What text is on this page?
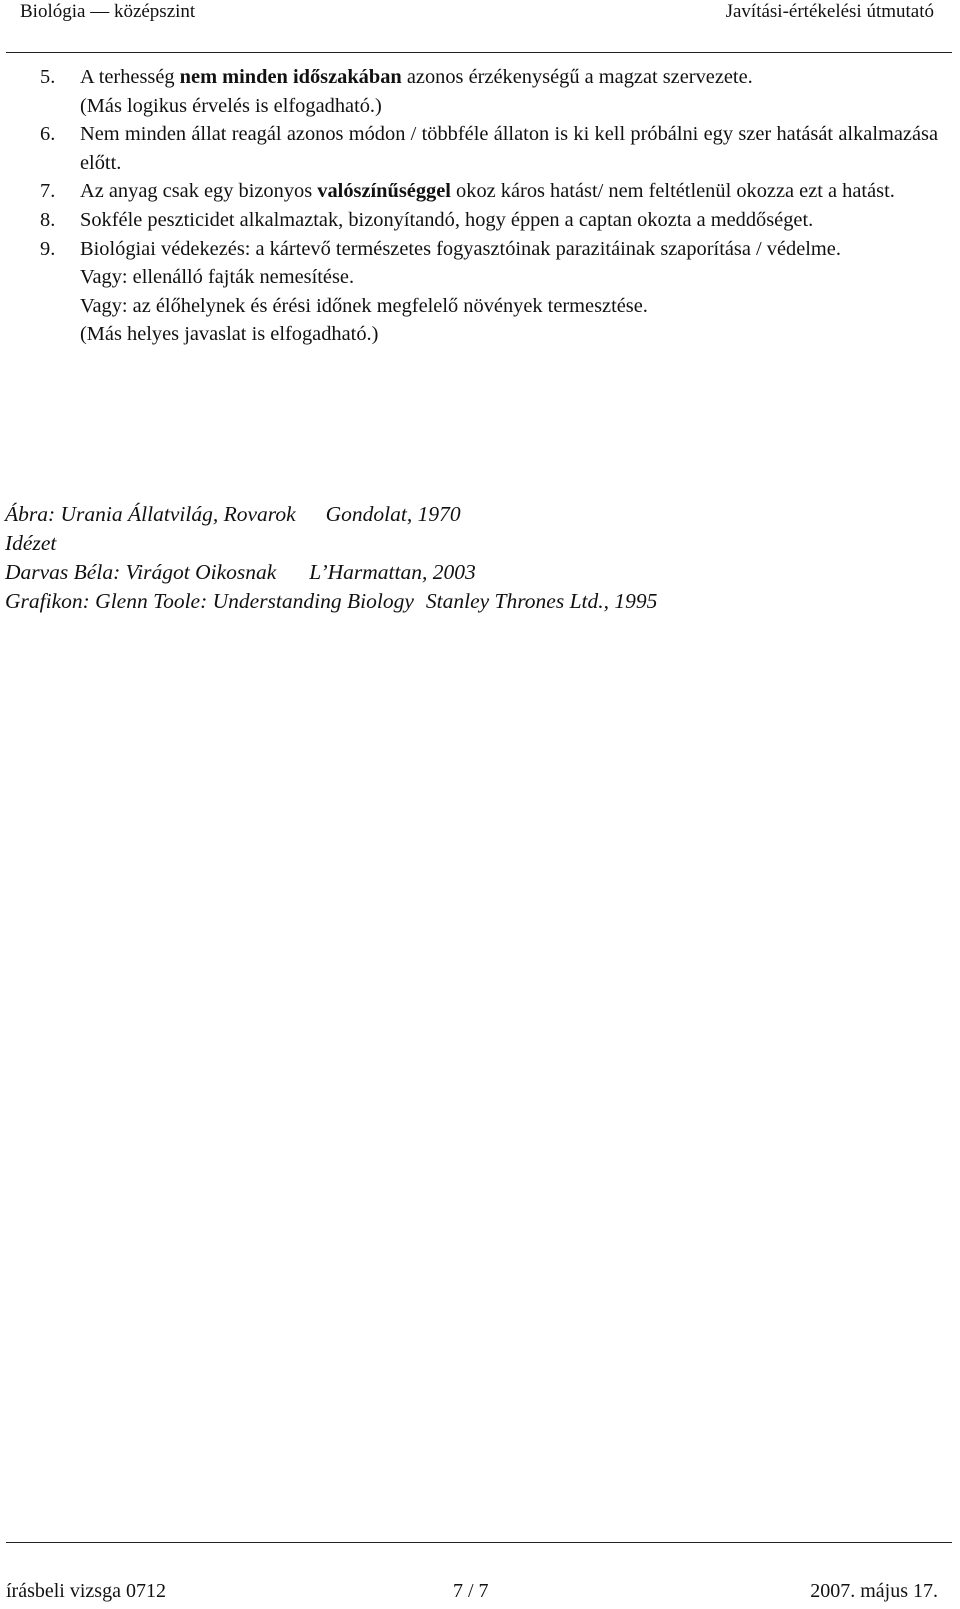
Biológia — középszint	Javítási-értékelési útmutató
5.	A terhesség nem minden időszakában azonos érzékenységű a magzat szervezete.
(Más logikus érvelés is elfogadható.)
6.	Nem minden állat reagál azonos módon / többféle állaton is ki kell próbálni egy szer hatását alkalmazása előtt.
7.	Az anyag csak egy bizonyos valószínűséggel okoz káros hatást/ nem feltétlenül okozza ezt a hatást.
8.	Sokféle peszticidet alkalmaztak, bizonyítandó, hogy éppen a captan okozta a meddőséget.
9.	Biológiai védekezés: a kártevő természetes fogyasztóinak parazitáinak szaporítása / védelme.
Vagy: ellenálló fajták nemesítése.
Vagy: az élőhelynek és érési időnek megfelelő növények termesztése.
(Más helyes javaslat is elfogadható.)
Ábra: Urania Állatvilág, Rovarok Gondolat, 1970
Idézet
Darvas Béla: Virágot Oikosnak L’Harmattan, 2003
Grafikon: Glenn Toole: Understanding Biology Stanley Thrones Ltd., 1995
írásbeli vizsga 0712	7 / 7	2007. május 17.
